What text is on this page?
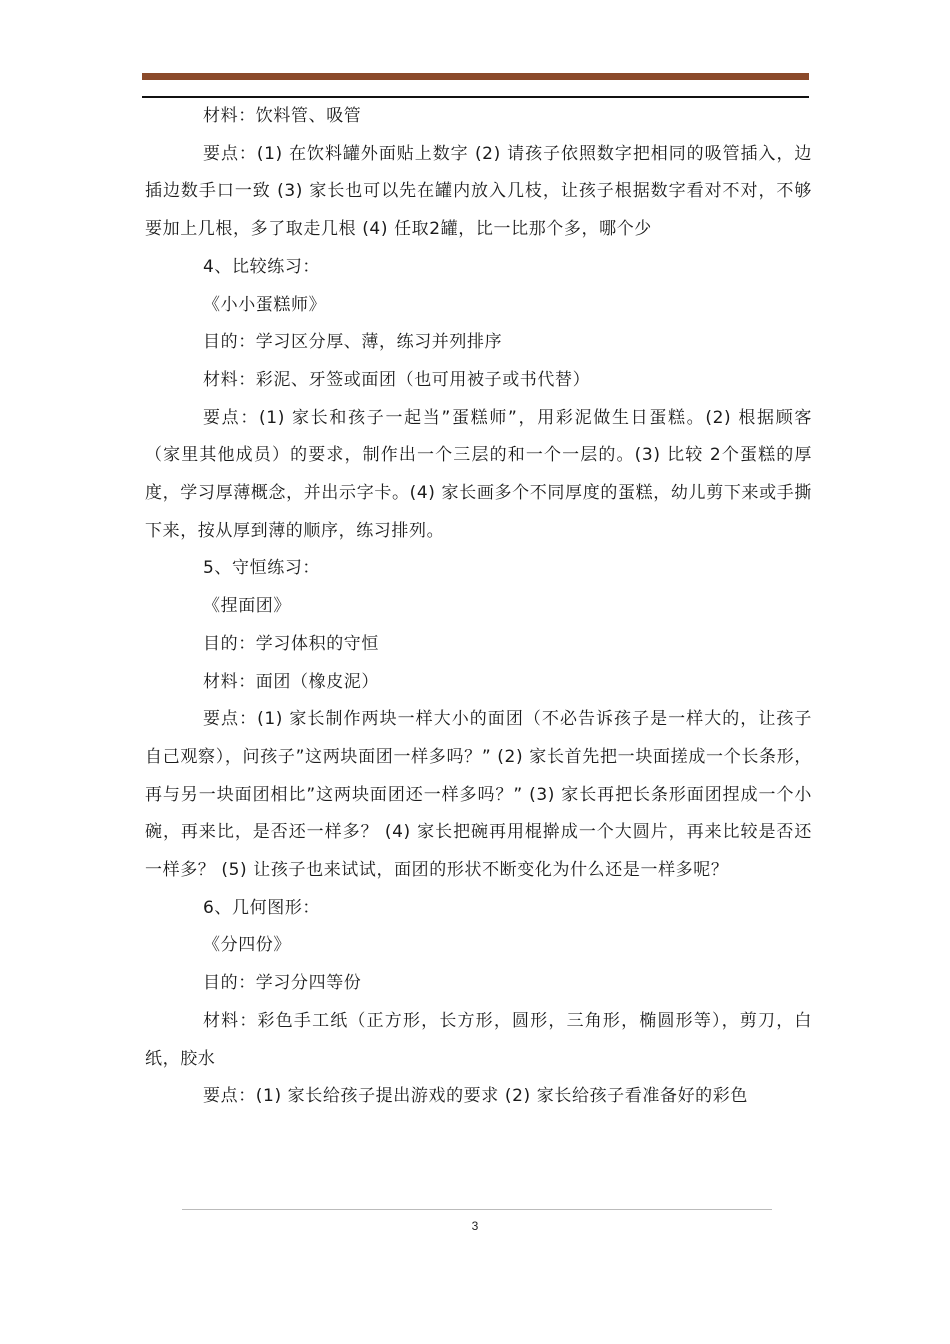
材料：饮料管、吸管

要点：(1) 在饮料罐外面贴上数字 (2) 请孩子依照数字把相同的吸管插入，边插边数手口一致 (3) 家长也可以先在罐内放入几枝，让孩子根据数字看对不对，不够要加上几根，多了取走几根 (4) 任取2罐，比一比那个多，哪个少

4、比较练习：

《小小蛋糕师》

目的：学习区分厚、薄，练习并列排序

材料：彩泥、牙签或面团（也可用被子或书代替）

要点：(1) 家长和孩子一起当”蛋糕师”，用彩泥做生日蛋糕。(2) 根据顾客（家里其他成员）的要求，制作出一个三层的和一个一层的。(3) 比较 2个蛋糕的厚度，学习厚薄概念，并出示字卡。(4) 家长画多个不同厚度的蛋糕，幼儿剪下来或手撕下来，按从厚到薄的顺序，练习排列。

5、守恒练习：

《捏面团》

目的：学习体积的守恒

材料：面团（橡皮泥）

要点：(1) 家长制作两块一样大小的面团（不必告诉孩子是一样大的，让孩子自己观察），问孩子”这两块面团一样多吗？” (2) 家长首先把一块面搓成一个长条形，再与另一块面团相比”这两块面团还一样多吗？” (3) 家长再把长条形面团捏成一个小碗，再来比，是否还一样多？ (4) 家长把碗再用棍擀成一个大圆片，再来比较是否还一样多？ (5) 让孩子也来试试，面团的形状不断变化为什么还是一样多呢？

6、几何图形：

《分四份》

目的：学习分四等份

材料：彩色手工纸（正方形，长方形，圆形，三角形，椭圆形等），剪刀，白纸，胶水

要点：(1) 家长给孩子提出游戏的要求 (2) 家长给孩子看准备好的彩色

3
